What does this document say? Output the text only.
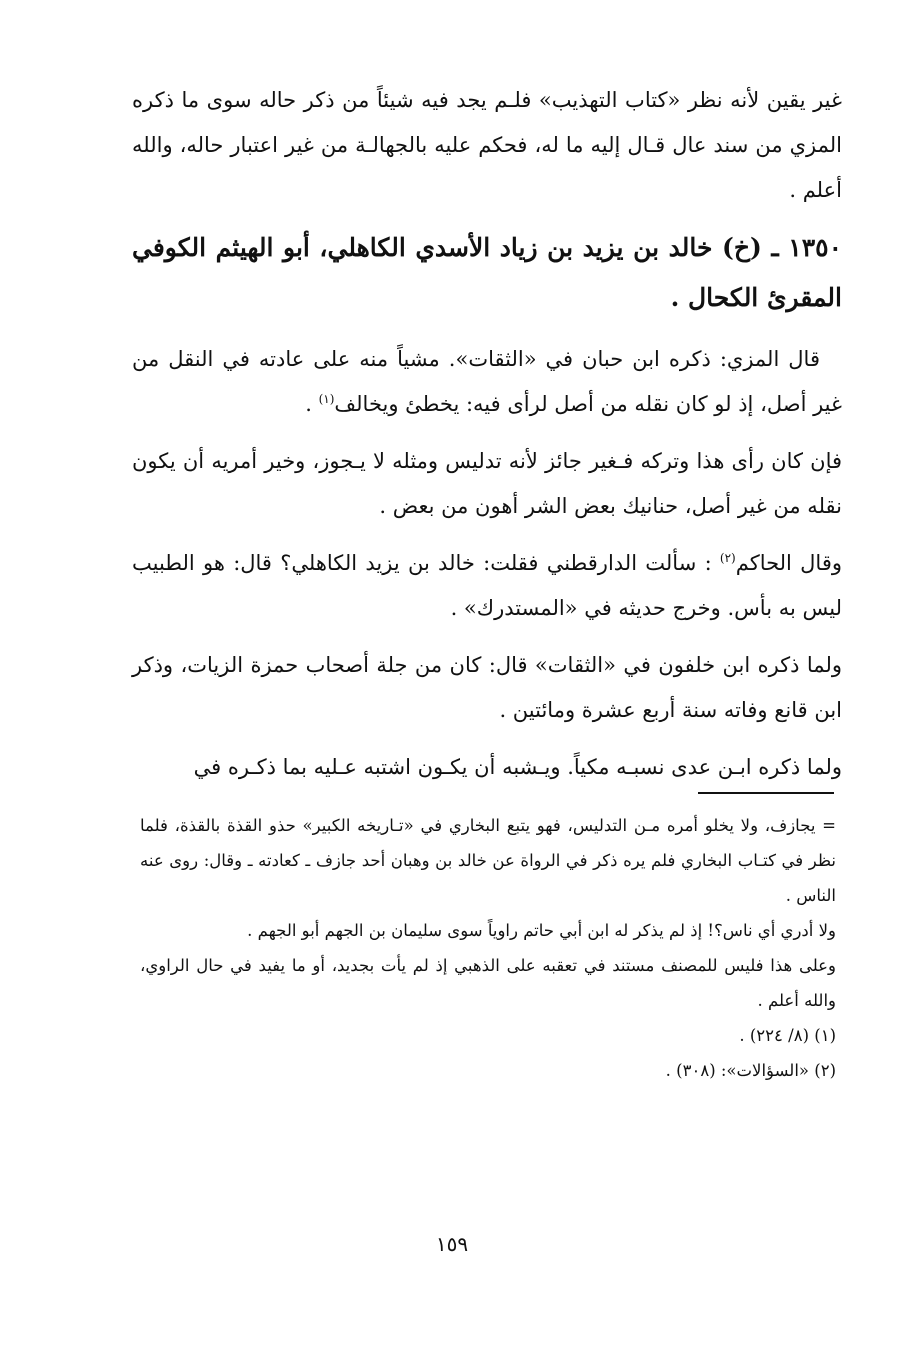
غير يقين لأنه نظر «كتاب التهذيب» فلـم يجد فيه شيئاً من ذكر حاله سوى ما ذكره المزي من سند عال قـال إليه ما له، فحكم عليه بالجهالـة من غير اعتبار حاله، والله أعلم .

١٣٥٠ ـ (خ) خالد بن يزيد بن زياد الأسدي الكاهلي، أبو الهيثم الكوفي المقرئ الكحال .

قال المزي: ذكره ابن حبان في «الثقات». مشياً منه على عادته في النقل من غير أصل، إذ لو كان نقله من أصل لرأى فيه: يخطئ ويخالف$^{(١)}$ .

فإن كان رأى هذا وتركه فـغير جائز لأنه تدليس ومثله لا يـجوز، وخير أمريه أن يكون نقله من غير أصل، حنانيك بعض الشر أهون من بعض .

وقال الحاكم$^{(٢)}$ : سألت الدارقطني فقلت: خالد بن يزيد الكاهلي؟ قال: هو الطبيب ليس به بأس. وخرج حديثه في «المستدرك» .

ولما ذكره ابن خلفون في «الثقات» قال: كان من جلة أصحاب حمزة الزيات، وذكر ابن قانع وفاته سنة أربع عشرة ومائتين .

ولما ذكره ابـن عدى نسبـه مكياً. ويـشبه أن يكـون اشتبه عـليه بما ذكـره في

= يجازف، ولا يخلو أمره مـن التدليس، فهو يتبع البخاري في «تـاريخه الكبير» حذو القذة بالقذة، فلما نظر في كتـاب البخاري فلم يره ذكر في الرواة عن خالد بن وهبان أحد جازف ـ كعادته ـ وقال: روى عنه الناس .

ولا أدري أي ناس؟! إذ لم يذكر له ابن أبي حاتم راوياً سوى سليمان بن الجهم أبو الجهم .

وعلى هذا فليس للمصنف مستند في تعقبه على الذهبي إذ لم يأت بجديد، أو ما يفيد في حال الراوي، والله أعلم .

(١) (٨/ ٢٢٤) .

(٢) «السؤالات»: (٣٠٨) .

١٥٩
